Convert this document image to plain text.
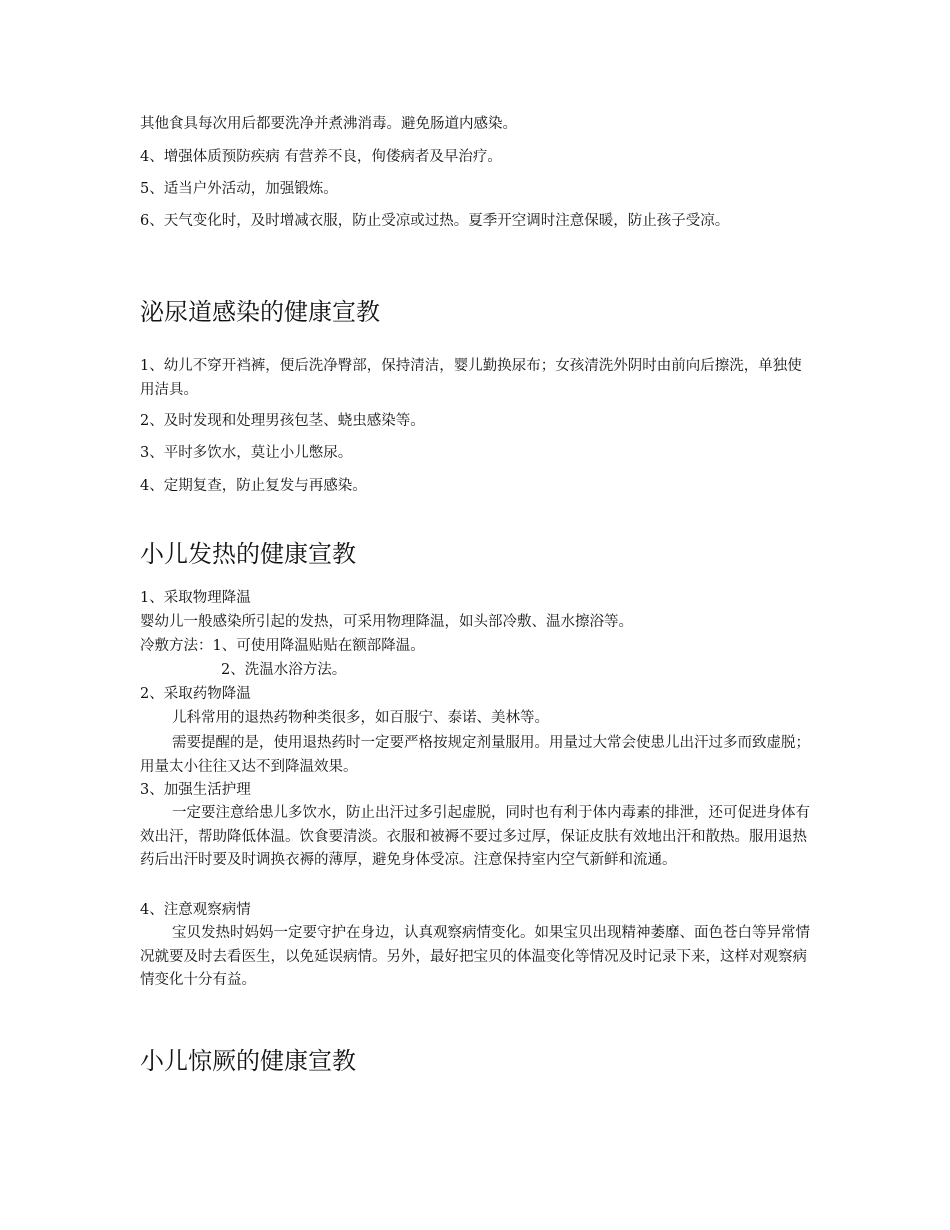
其他食具每次用后都要洗净并煮沸消毒。避免肠道内感染。
4、增强体质预防疾病 有营养不良，佝偻病者及早治疗。
5、适当户外活动，加强锻炼。
6、天气变化时，及时增减衣服，防止受凉或过热。夏季开空调时注意保暖，防止孩子受凉。
泌尿道感染的健康宣教
1、幼儿不穿开裆裤，便后洗净臀部，保持清洁，婴儿勤换尿布；女孩清洗外阴时由前向后擦洗，单独使用洁具。
2、及时发现和处理男孩包茎、蛲虫感染等。
3、平时多饮水，莫让小儿憋尿。
4、定期复查，防止复发与再感染。
小儿发热的健康宣教
1、采取物理降温
婴幼儿一般感染所引起的发热，可采用物理降温，如头部冷敷、温水擦浴等。
冷敷方法：1、可使用降温贴贴在额部降温。
2、洗温水浴方法。
2、采取药物降温
儿科常用的退热药物种类很多，如百服宁、泰诺、美林等。
需要提醒的是，使用退热药时一定要严格按规定剂量服用。用量过大常会使患儿出汗过多而致虚脱；用量太小往往又达不到降温效果。
3、加强生活护理
一定要注意给患儿多饮水，防止出汗过多引起虚脱，同时也有利于体内毒素的排泄，还可促进身体有效出汗，帮助降低体温。饮食要清淡。衣服和被褥不要过多过厚，保证皮肤有效地出汗和散热。服用退热药后出汗时要及时调换衣褥的薄厚，避免身体受凉。注意保持室内空气新鲜和流通。
4、注意观察病情
宝贝发热时妈妈一定要守护在身边，认真观察病情变化。如果宝贝出现精神萎靡、面色苍白等异常情况就要及时去看医生，以免延误病情。另外，最好把宝贝的体温变化等情况及时记录下来，这样对观察病情变化十分有益。
小儿惊厥的健康宣教
